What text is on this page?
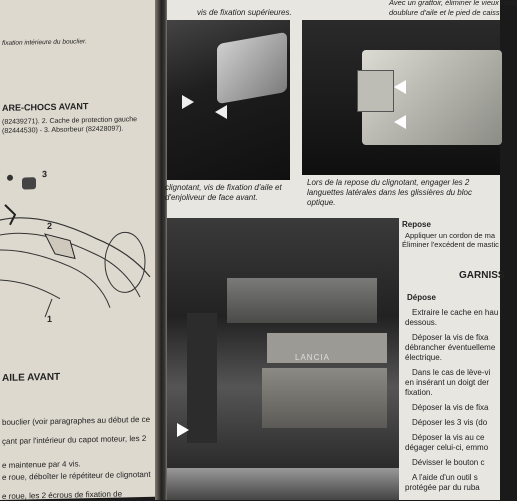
fixation intérieure du bouclier.
ARE-CHOCS AVANT
(82439271). 2. Cache de protection gauche
(82444530) - 3. Absorbeur (82428097).
3
2
1
AILE AVANT
bouclier (voir paragraphes au début de ce
çant par l'intérieur du capot moteur, les 2
e maintenue par 4 vis.
e roue, déboîter le répétiteur de clignotant
e roue, les 2 écrous de fixation de
vis de fixation supérieures.
Avec un grattoir, éliminer le vieux mast
doublure d'aile et le pied de caiss
clignotant, vis de fixation d'aile et d'enjoliveur de face avant.
Lors de la repose du clignotant, engager les 2 languettes latérales dans les glissières du bloc optique.
Repose
Appliquer un cordon de ma
Éliminer l'excédent de mastic
LANCIA
GARNISS
Dépose
Extraire le cache en hau
dessous.
Déposer la vis de fixa
débrancher éventuelleme
électrique.
Dans le cas de lève-vi
en insérant un doigt der
fixation.
Déposer la vis de fixa
Déposer les 3 vis (do
Déposer la vis au ce
dégager celui-ci, emmo
Dévisser le bouton c
A l'aide d'un outil s
protégée par du ruba
